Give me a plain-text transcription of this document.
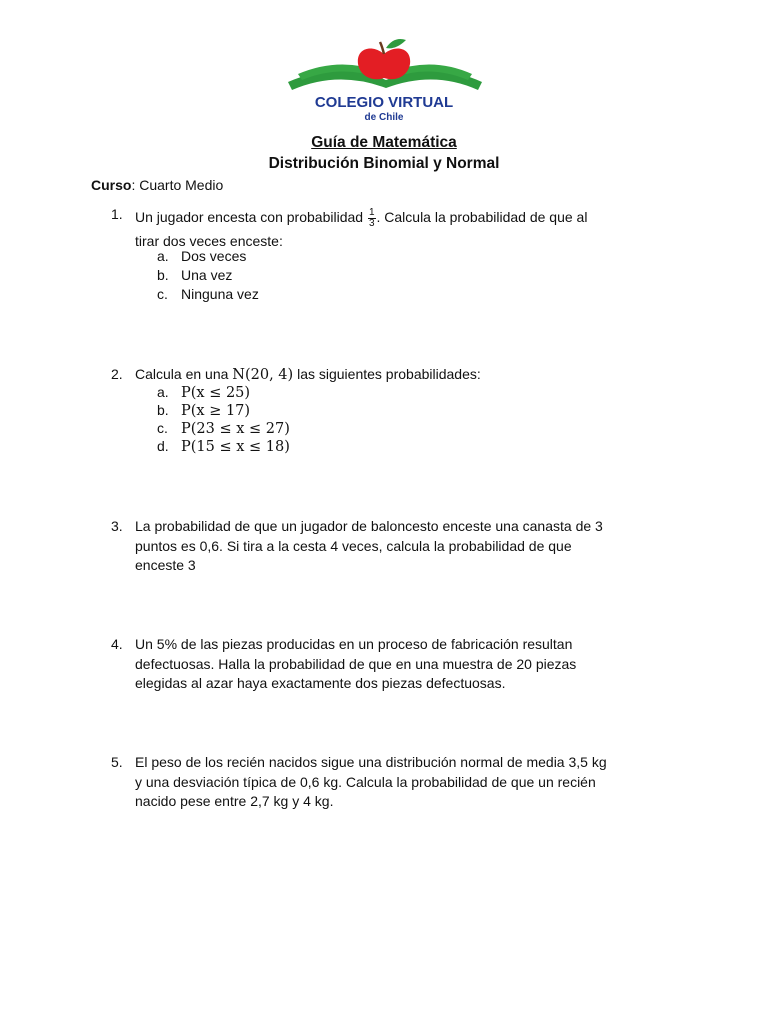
COLEGIO VIRTUAL
de Chile
Guía de Matemática
Distribución Binomial y Normal
Curso: Cuarto Medio
1. Un jugador encesta con probabilidad $\frac{1}{3}$ . Calcula la probabilidad de que al
tirar dos veces enceste:
a. Dos veces
b. Una vez
c. Ninguna vez
2. Calcula en una N(20, 4) las siguientes probabilidades:
a. P(x ≤ 25)
b. P(x ≥ 17)
c. P(23 ≤ x ≤ 27)
d. P(15 ≤ x ≤ 18)
3. La probabilidad de que un jugador de baloncesto enceste una canasta de 3
puntos es 0,6. Si tira a la cesta 4 veces, calcula la probabilidad de que
enceste 3
4. Un 5% de las piezas producidas en un proceso de fabricación resultan
defectuosas. Halla la probabilidad de que en una muestra de 20 piezas
elegidas al azar haya exactamente dos piezas defectuosas.
5. El peso de los recién nacidos sigue una distribución normal de media 3,5 kg
y una desviación típica de 0,6 kg. Calcula la probabilidad de que un recién
nacido pese entre 2,7 kg y 4 kg.
